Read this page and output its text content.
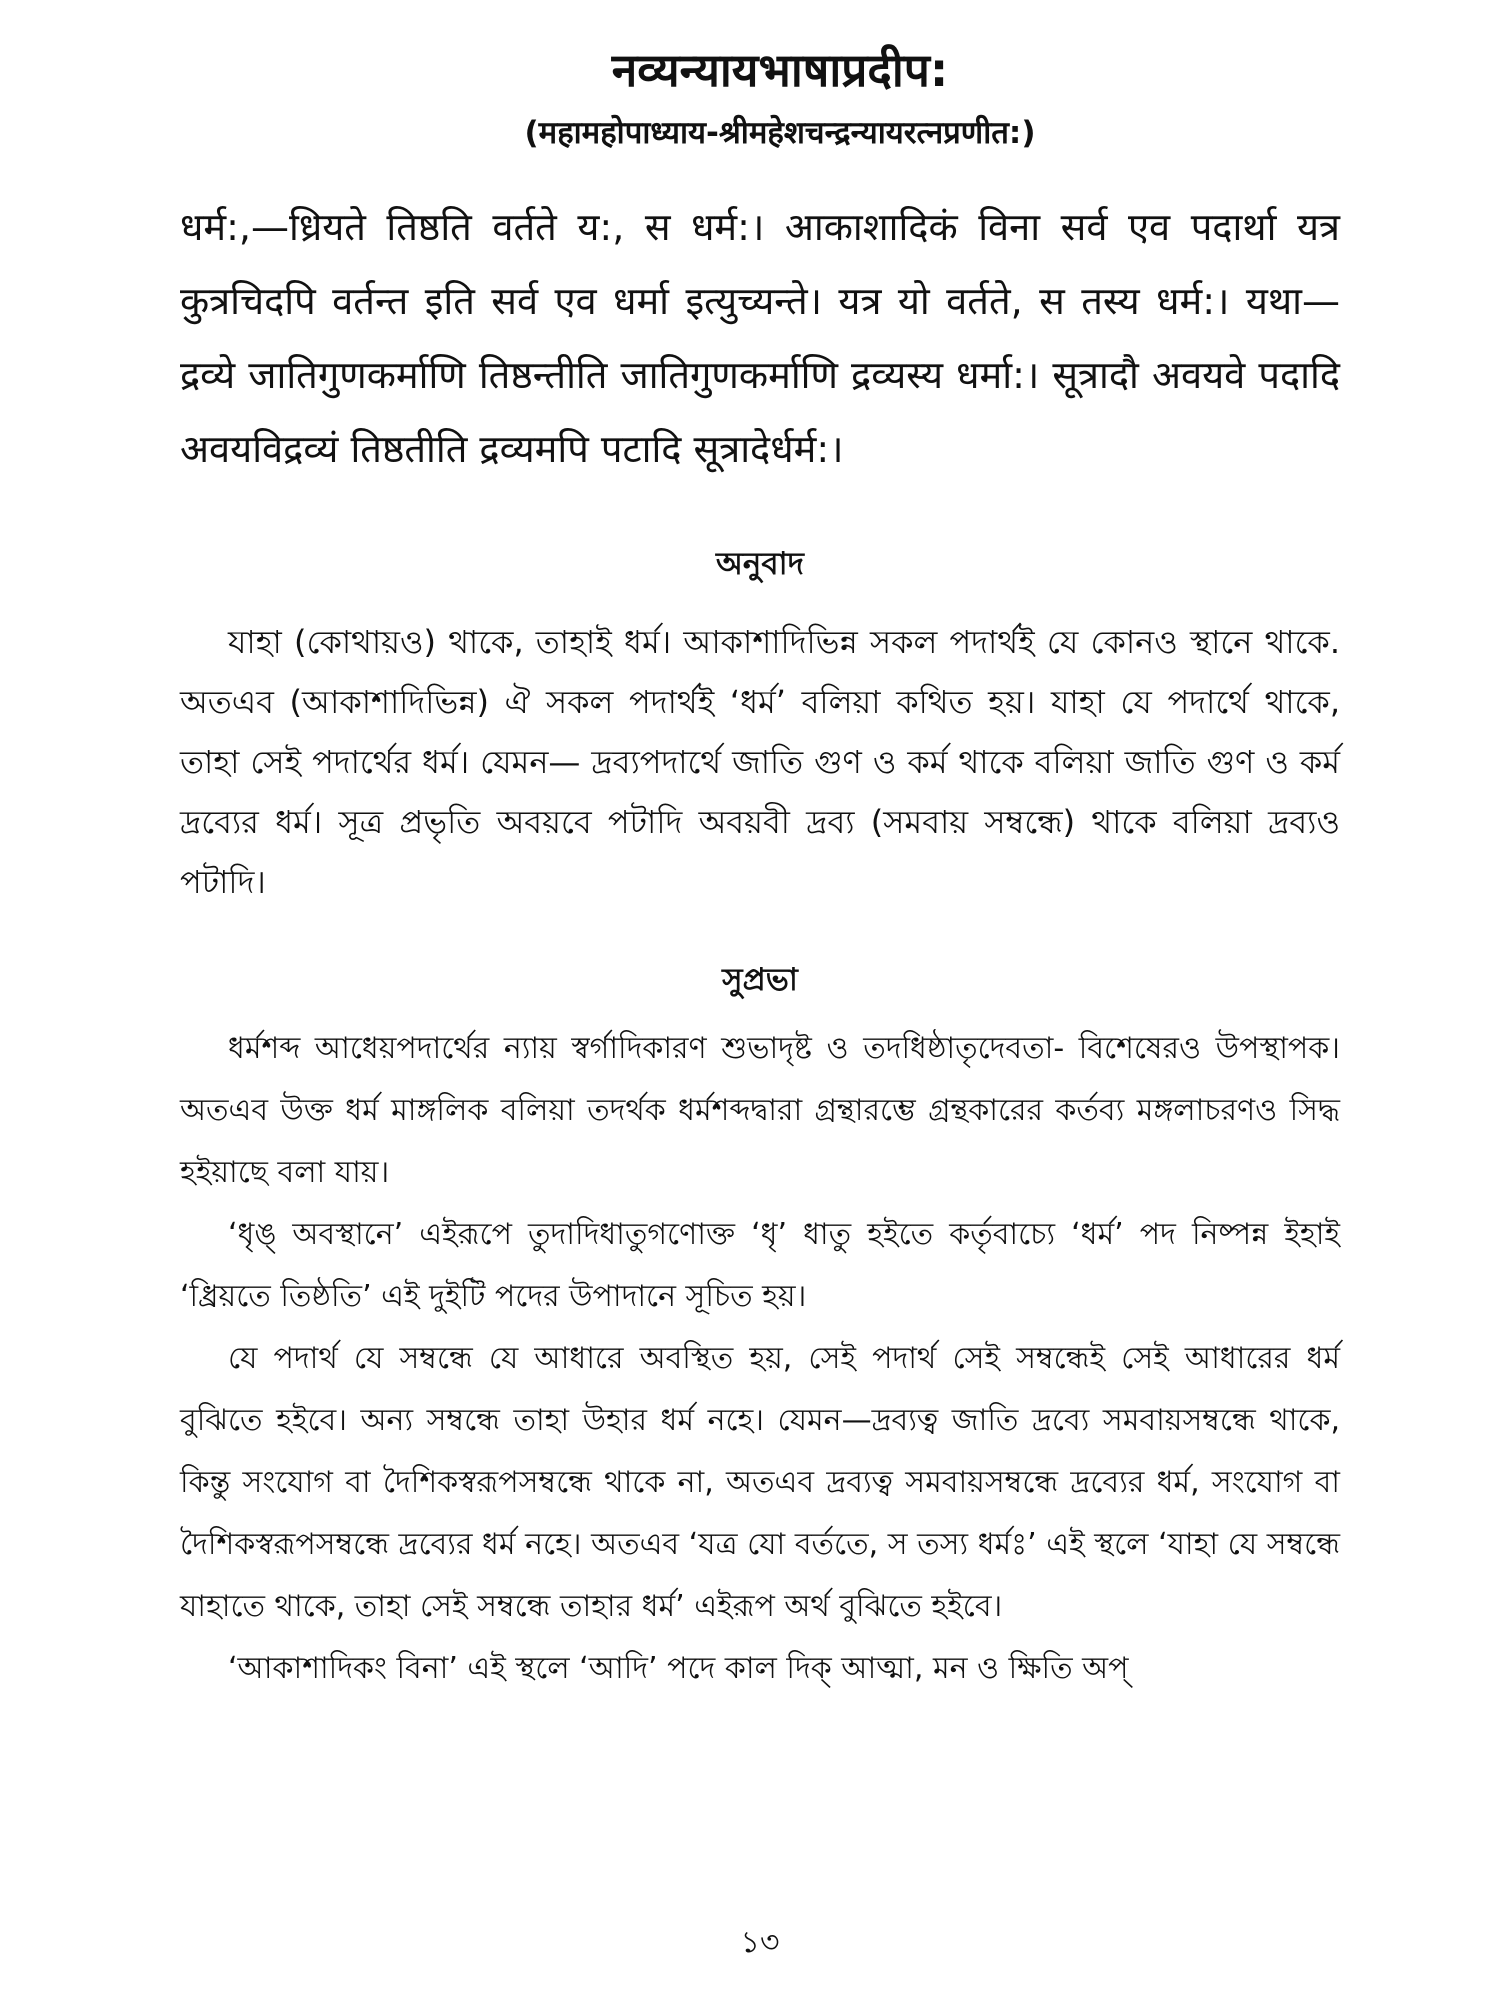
नव्यन्यायभाषाप्रदीप:

(महामहोपाध्याय-श्रीमहेशचन्द्रन्यायरत्नप्रणीत:)

धर्म:,—ध्रियते तिष्ठति वर्तते य:, स धर्म:। आकाशादिकं विना सर्व एव पदार्था यत्र कुत्रचिदपि वर्तन्त इति सर्व एव धर्मा इत्युच्यन्ते। यत्र यो वर्तते, स तस्य धर्म:। यथा— द्रव्ये जातिगुणकर्माणि तिष्ठन्तीति जातिगुणकर्माणि द्रव्यस्य धर्मा:। सूत्रादौ अवयवे पदादि अवयविद्रव्यं तिष्ठतीति द्रव्यमपि पटादि सूत्रादेर्धर्म:।

অনুবাদ

যাহা (কোথায়ও) থাকে, তাহাই ধর্ম। আকাশাদিভিন্ন সকল পদার্থই যে কোনও স্থানে থাকে. অতএব (আকাশাদিভিন্ন) ঐ সকল পদার্থই ‘ধর্ম’ বলিয়া কথিত হয়। যাহা যে পদার্থে থাকে, তাহা সেই পদার্থের ধর্ম। যেমন— দ্রব্যপদার্থে জাতি গুণ ও কর্ম থাকে বলিয়া জাতি গুণ ও কর্ম দ্রব্যের ধর্ম। সূত্র প্রভৃতি অবয়বে পটাদি অবয়বী দ্রব্য (সমবায় সম্বন্ধে) থাকে বলিয়া দ্রব্যও পটাদি।

সুপ্রভা

ধর্মশব্দ আধেয়পদার্থের ন্যায় স্বর্গাদিকারণ শুভাদৃষ্ট ও তদধিষ্ঠাতৃদেবতা- বিশেষেরও উপস্থাপক। অতএব উক্ত ধর্ম মাঙ্গলিক বলিয়া তদর্থক ধর্মশব্দদ্বারা গ্রন্থারম্ভে গ্রন্থকারের কর্তব্য মঙ্গলাচরণও সিদ্ধ হইয়াছে বলা যায়।

‘ধৃঙ্ অবস্থানে’ এইরূপে তুদাদিধাতুগণোক্ত ‘ধৃ’ ধাতু হইতে কর্তৃবাচ্যে ‘ধর্ম’ পদ নিষ্পন্ন ইহাই ‘ধ্রিয়তে তিষ্ঠতি’ এই দুইটি পদের উপাদানে সূচিত হয়।

যে পদার্থ যে সম্বন্ধে যে আধারে অবস্থিত হয়, সেই পদার্থ সেই সম্বন্ধেই সেই আধারের ধর্ম বুঝিতে হইবে। অন্য সম্বন্ধে তাহা উহার ধর্ম নহে। যেমন—দ্রব্যত্ব জাতি দ্রব্যে সমবায়সম্বন্ধে থাকে, কিন্তু সংযোগ বা দৈশিকস্বরূপসম্বন্ধে থাকে না, অতএব দ্রব্যত্ব সমবায়সম্বন্ধে দ্রব্যের ধর্ম, সংযোগ বা দৈশিকস্বরূপসম্বন্ধে দ্রব্যের ধর্ম নহে। অতএব ‘যত্র যো বর্ততে, স তস্য ধর্মঃ’ এই স্থলে ‘যাহা যে সম্বন্ধে যাহাতে থাকে, তাহা সেই সম্বন্ধে তাহার ধর্ম’ এইরূপ অর্থ বুঝিতে হইবে।

‘আকাশাদিকং বিনা’ এই স্থলে ‘আদি’ পদে কাল দিক্ আত্মা, মন ও ক্ষিতি অপ্

১৩
